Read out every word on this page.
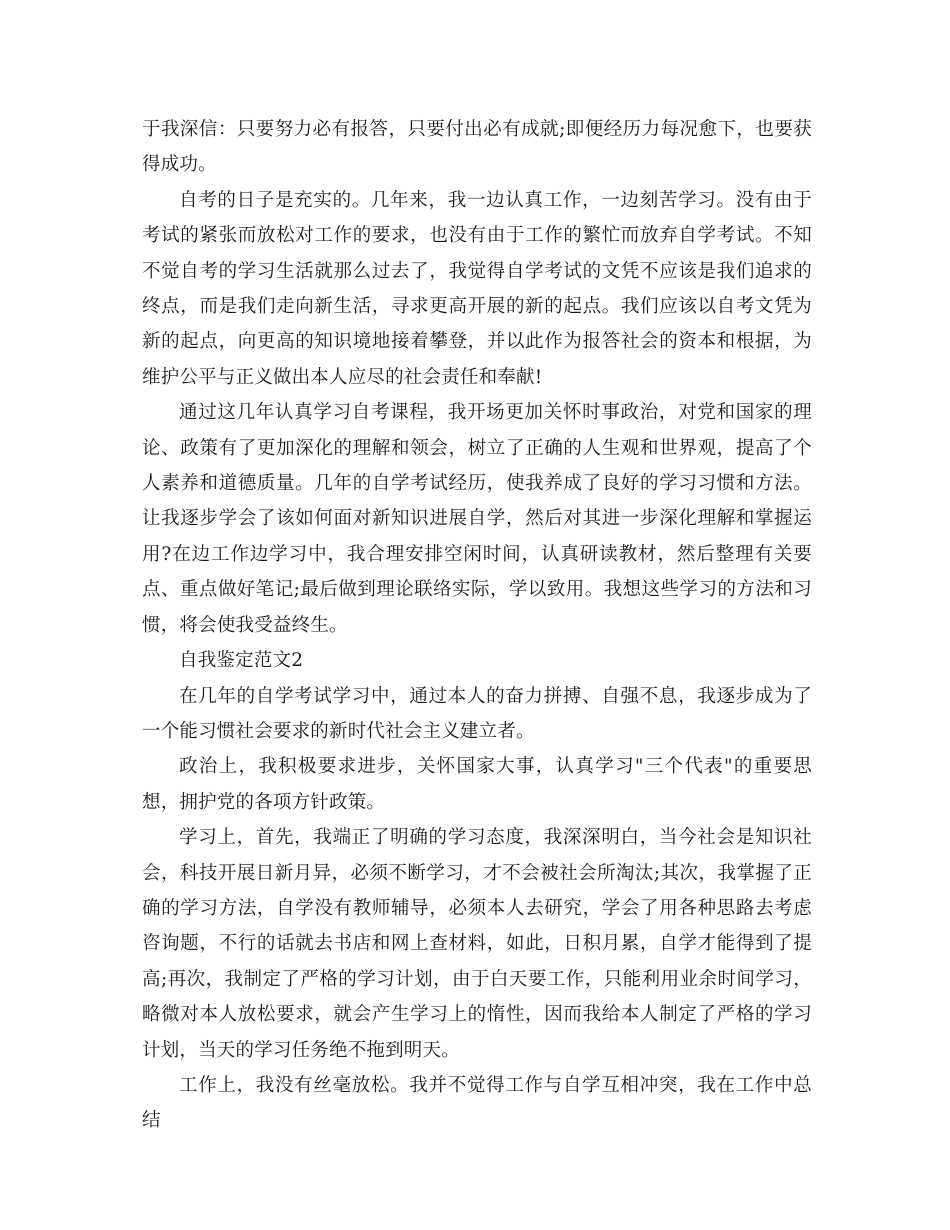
于我深信：只要努力必有报答，只要付出必有成就;即便经历力每况愈下，也要获得成功。

自考的日子是充实的。几年来，我一边认真工作，一边刻苦学习。没有由于考试的紧张而放松对工作的要求，也没有由于工作的繁忙而放弃自学考试。不知不觉自考的学习生活就那么过去了，我觉得自学考试的文凭不应该是我们追求的终点，而是我们走向新生活，寻求更高开展的新的起点。我们应该以自考文凭为新的起点，向更高的知识境地接着攀登，并以此作为报答社会的资本和根据，为维护公平与正义做出本人应尽的社会责任和奉献!

通过这几年认真学习自考课程，我开场更加关怀时事政治，对党和国家的理论、政策有了更加深化的理解和领会，树立了正确的人生观和世界观，提高了个人素养和道德质量。几年的自学考试经历，使我养成了良好的学习习惯和方法。让我逐步学会了该如何面对新知识进展自学，然后对其进一步深化理解和掌握运用?在边工作边学习中，我合理安排空闲时间，认真研读教材，然后整理有关要点、重点做好笔记;最后做到理论联络实际，学以致用。我想这些学习的方法和习惯，将会使我受益终生。

自我鉴定范文2

在几年的自学考试学习中，通过本人的奋力拼搏、自强不息，我逐步成为了一个能习惯社会要求的新时代社会主义建立者。

政治上，我积极要求进步，关怀国家大事，认真学习"三个代表"的重要思想，拥护党的各项方针政策。

学习上，首先，我端正了明确的学习态度，我深深明白，当今社会是知识社会，科技开展日新月异，必须不断学习，才不会被社会所淘汰;其次，我掌握了正确的学习方法，自学没有教师辅导，必须本人去研究，学会了用各种思路去考虑咨询题，不行的话就去书店和网上查材料，如此，日积月累，自学才能得到了提高;再次，我制定了严格的学习计划，由于白天要工作，只能利用业余时间学习，略微对本人放松要求，就会产生学习上的惰性，因而我给本人制定了严格的学习计划，当天的学习任务绝不拖到明天。

工作上，我没有丝毫放松。我并不觉得工作与自学互相冲突，我在工作中总结
